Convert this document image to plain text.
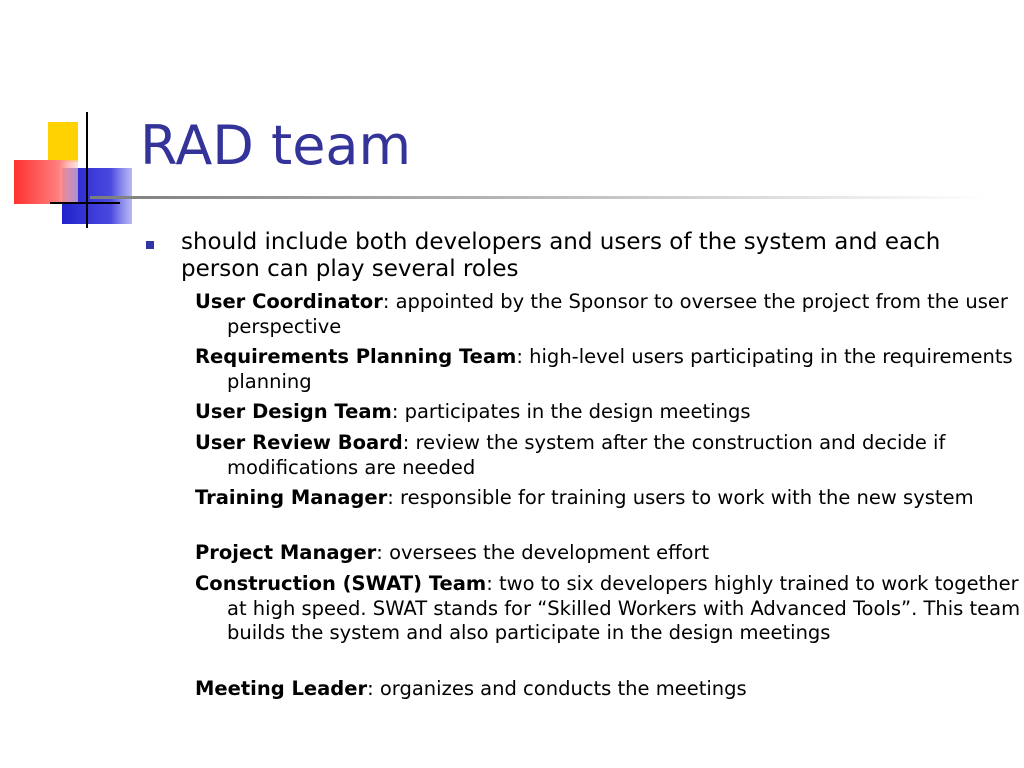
RAD team
should include both developers and users of the system and each person can play several roles
User Coordinator: appointed by the Sponsor to oversee the project from the user perspective
Requirements Planning Team: high-level users participating in the requirements planning
User Design Team: participates in the design meetings
User Review Board: review the system after the construction and decide if modifications are needed
Training Manager: responsible for training users to work with the new system
Project Manager: oversees the development effort
Construction (SWAT) Team: two to six developers highly trained to work together at high speed. SWAT stands for “Skilled Workers with Advanced Tools”. This team builds the system and also participate in the design meetings
Meeting Leader: organizes and conducts the meetings
